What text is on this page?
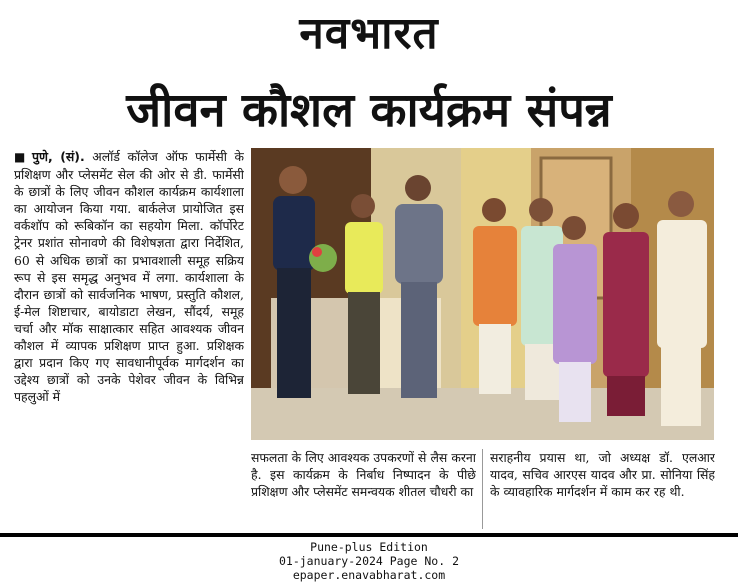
नवभारत
जीवन कौशल कार्यक्रम संपन्न
■ पुणे, (सं). अलॉर्ड कॉलेज ऑफ फार्मेसी के प्रशिक्षण और प्लेसमेंट सेल की ओर से डी. फार्मेसी के छात्रों के लिए जीवन कौशल कार्यक्रम कार्यशाला का आयोजन किया गया. बार्कलेज प्रायोजित इस वर्कशॉप को रूबिकॉन का सहयोग मिला. कॉर्पोरेट ट्रेनर प्रशांत सोनावणे की विशेषज्ञता द्वारा निर्देशित, 60 से अधिक छात्रों का प्रभावशाली समूह सक्रिय रूप से इस समृद्ध अनुभव में लगा. कार्यशाला के दौरान छात्रों को सार्वजनिक भाषण, प्रस्तुति कौशल, ई-मेल शिष्टाचार, बायोडाटा लेखन, सौंदर्य, समूह चर्चा और मॉक साक्षात्कार सहित आवश्यक जीवन कौशल में व्यापक प्रशिक्षण प्राप्त हुआ. प्रशिक्षक द्वारा प्रदान किए गए सावधानीपूर्वक मार्गदर्शन का उद्देश्य छात्रों को उनके पेशेवर जीवन के विभिन्न पहलुओं में
सफलता के लिए आवश्यक उपकरणों से लैस करना है. इस कार्यक्रम के निर्बाध निष्पादन के पीछे प्रशिक्षण और प्लेसमेंट समन्वयक शीतल चौधरी का
सराहनीय प्रयास था, जो अध्यक्ष डॉ. एलआर यादव, सचिव आरएस यादव और प्रा. सोनिया सिंह के व्यावहारिक मार्गदर्शन में काम कर रह थी.
Pune-plus Edition
01-january-2024 Page No. 2
epaper.enavabharat.com
